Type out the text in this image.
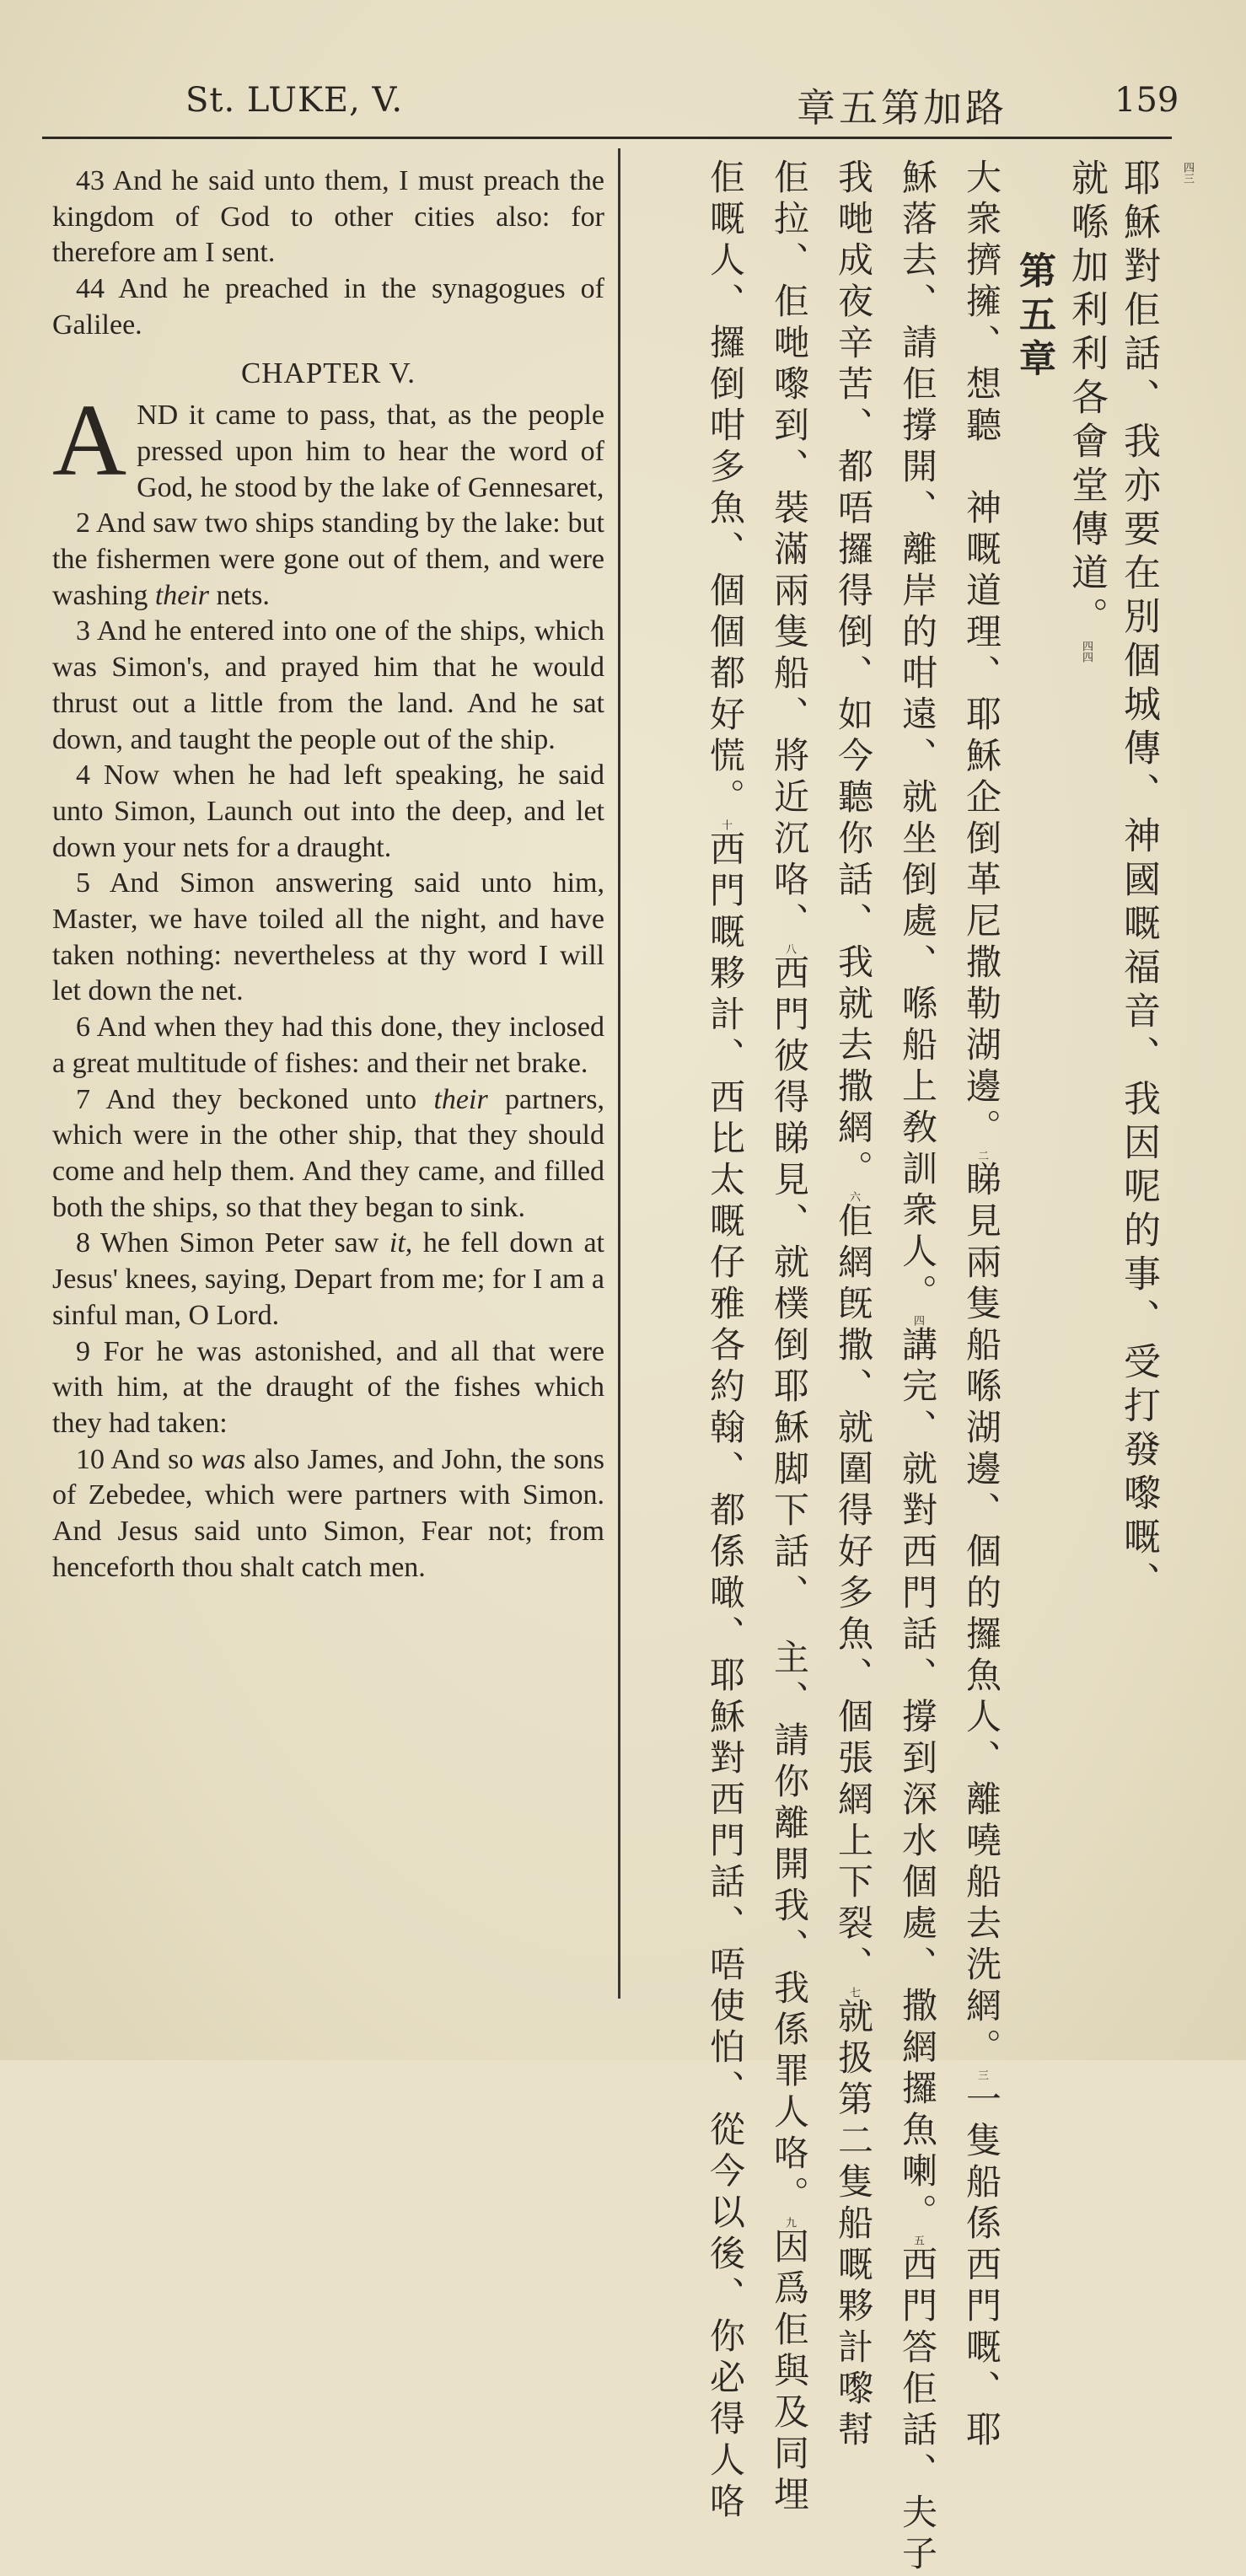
St. LUKE, V.	章五第加路	159

43 And he said unto them, I must preach the kingdom of God to other cities also: for therefore am I sent.

44 And he preached in the synagogues of Galilee.

CHAPTER V.

AND it came to pass, that, as the people pressed upon him to hear the word of God, he stood by the lake of Gennesaret,

2 And saw two ships standing by the lake: but the fishermen were gone out of them, and were washing their nets.

3 And he entered into one of the ships, which was Simon's, and prayed him that he would thrust out a little from the land. And he sat down, and taught the people out of the ship.

4 Now when he had left speaking, he said unto Simon, Launch out into the deep, and let down your nets for a draught.

5 And Simon answering said unto him, Master, we have toiled all the night, and have taken nothing: nevertheless at thy word I will let down the net.

6 And when they had this done, they inclosed a great multitude of fishes: and their net brake.

7 And they beckoned unto their partners, which were in the other ship, that they should come and help them. And they came, and filled both the ships, so that they began to sink.

8 When Simon Peter saw it, he fell down at Jesus' knees, saying, Depart from me; for I am a sinful man, O Lord.

9 For he was astonished, and all that were with him, at the draught of the fishes which they had taken:

10 And so was also James, and John, the sons of Zebedee, which were partners with Simon. And Jesus said unto Simon, Fear not; from henceforth thou shalt catch men.

四三
耶穌對佢話、我亦要在別個城傳、神國嘅福音、我因呢的事、受打發嚟嘅、
就喺加利利各會堂傳道。四四
第五章
大衆擠擁、想聽　神嘅道理、耶穌企倒革尼撒勒湖邊。二睇見兩隻船喺湖邊、個的攞魚人、離嘵船去洗網。三一隻船係西門嘅、耶
穌落去、請佢撐開、離岸的咁遠、就坐倒處、喺船上敎訓衆人。四講完、就對西門話、撐到深水個處、撒網攞魚喇。五西門答佢話、夫子
我哋成夜辛苦、都唔攞得倒、如今聽你話、我就去撒網。六佢網旣撒、就圍得好多魚、個張網上下裂、七就扱第二隻船嘅夥計嚟幇
佢拉、佢哋嚟到、裝滿兩隻船、將近沉咯、八西門彼得睇見、就樸倒耶穌脚下話、　主、請你離開我、我係罪人咯。九因爲佢與及同埋
佢嘅人、攞倒咁多魚、個個都好慌。十西門嘅夥計、西比太嘅仔雅各約翰、都係噉、耶穌對西門話、唔使怕、從今以後、你必得人咯
